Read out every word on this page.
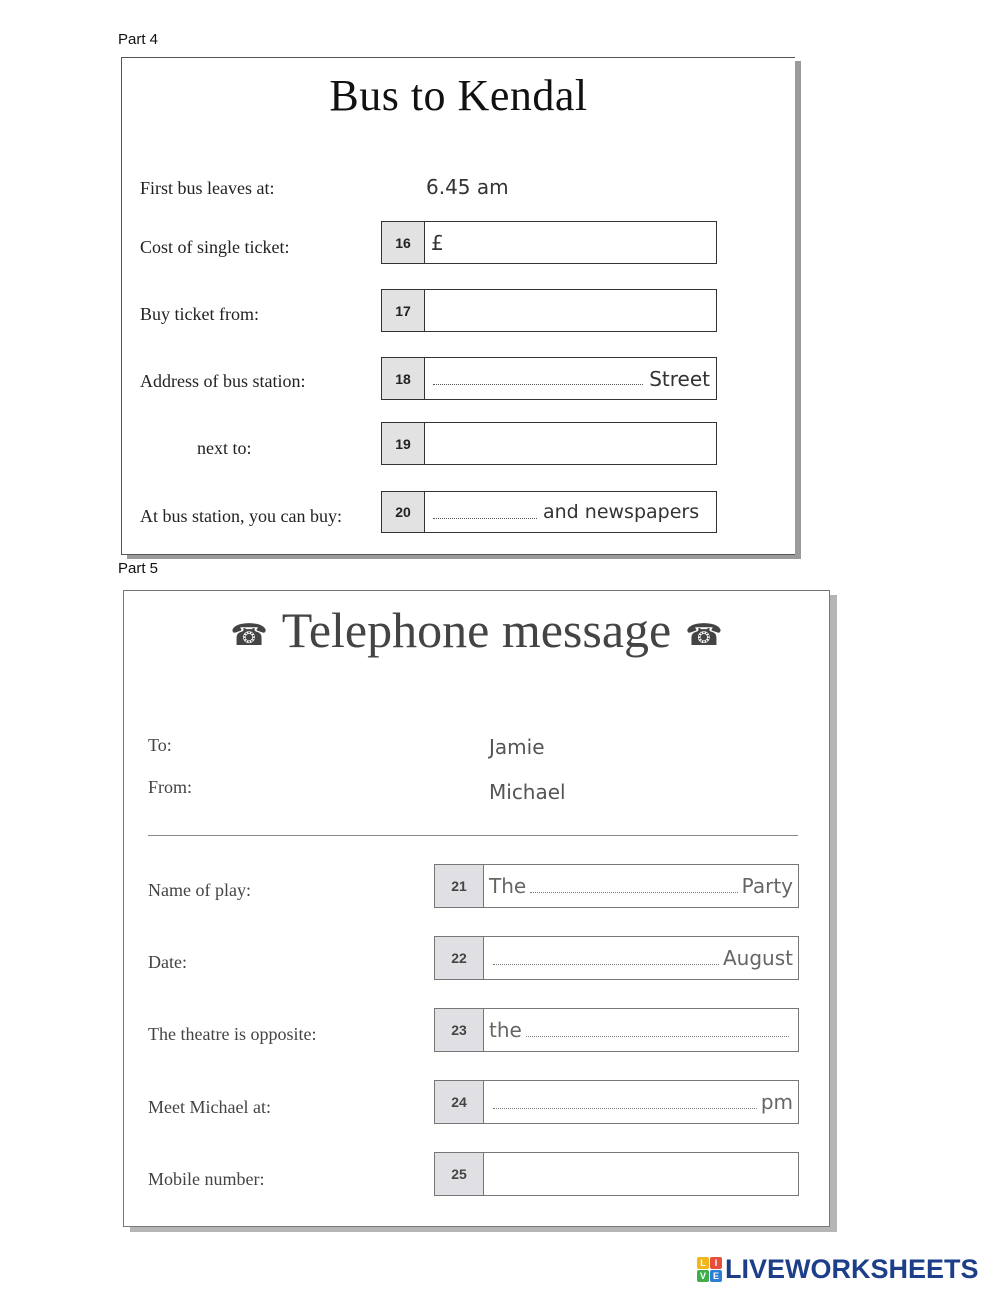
Part 4
Bus to Kendal
First bus leaves at:	6.45 am
Cost of single ticket:	16	£
Buy ticket from:	17
Address of bus station:	18	Street
next to:	19
At bus station, you can buy:	20	and newspapers
Part 5
☎ Telephone message ☎
To:	Jamie
From:	Michael
Name of play:	21	The	Party
Date:	22	August
The theatre is opposite:	23	the
Meet Michael at:	24	pm
Mobile number:	25
L I
V E LIVEWORKSHEETS
